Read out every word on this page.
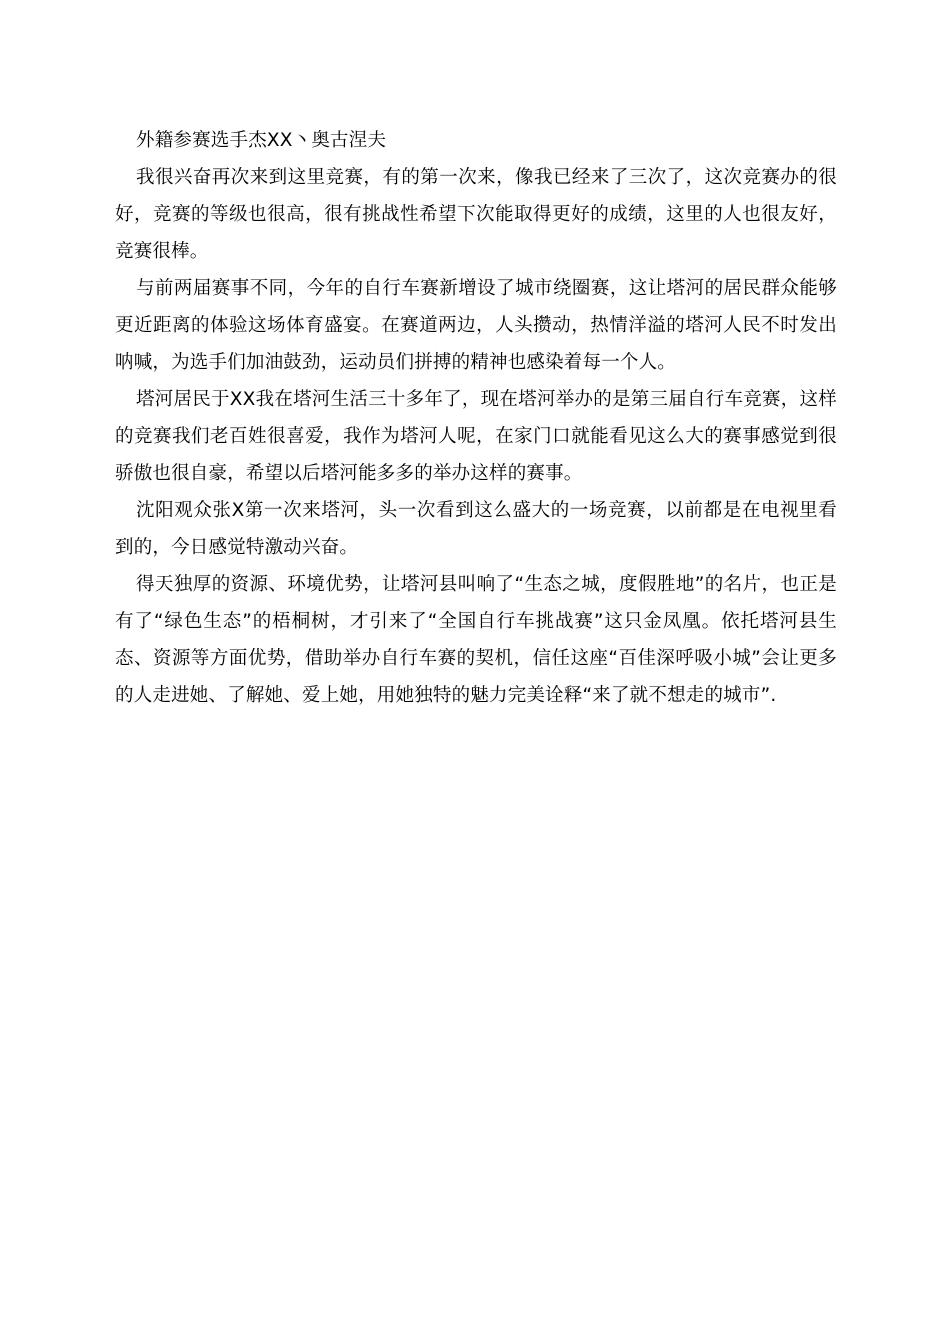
外籍参赛选手杰XX丶奥古涅夫

我很兴奋再次来到这里竞赛，有的第一次来，像我已经来了三次了，这次竞赛办的很好，竞赛的等级也很高，很有挑战性希望下次能取得更好的成绩，这里的人也很友好，竞赛很棒。

与前两届赛事不同，今年的自行车赛新增设了城市绕圈赛，这让塔河的居民群众能够更近距离的体验这场体育盛宴。在赛道两边，人头攒动，热情洋溢的塔河人民不时发出呐喊，为选手们加油鼓劲，运动员们拼搏的精神也感染着每一个人。

塔河居民于XX我在塔河生活三十多年了，现在塔河举办的是第三届自行车竞赛，这样的竞赛我们老百姓很喜爱，我作为塔河人呢，在家门口就能看见这么大的赛事感觉到很骄傲也很自豪，希望以后塔河能多多的举办这样的赛事。

沈阳观众张X第一次来塔河，头一次看到这么盛大的一场竞赛，以前都是在电视里看到的，今日感觉特激动兴奋。

得天独厚的资源、环境优势，让塔河县叫响了“生态之城，度假胜地”的名片，也正是有了“绿色生态”的梧桐树，才引来了“全国自行车挑战赛”这只金凤凰。依托塔河县生态、资源等方面优势，借助举办自行车赛的契机，信任这座“百佳深呼吸小城”会让更多的人走进她、了解她、爱上她，用她独特的魅力完美诠释“来了就不想走的城市”.
